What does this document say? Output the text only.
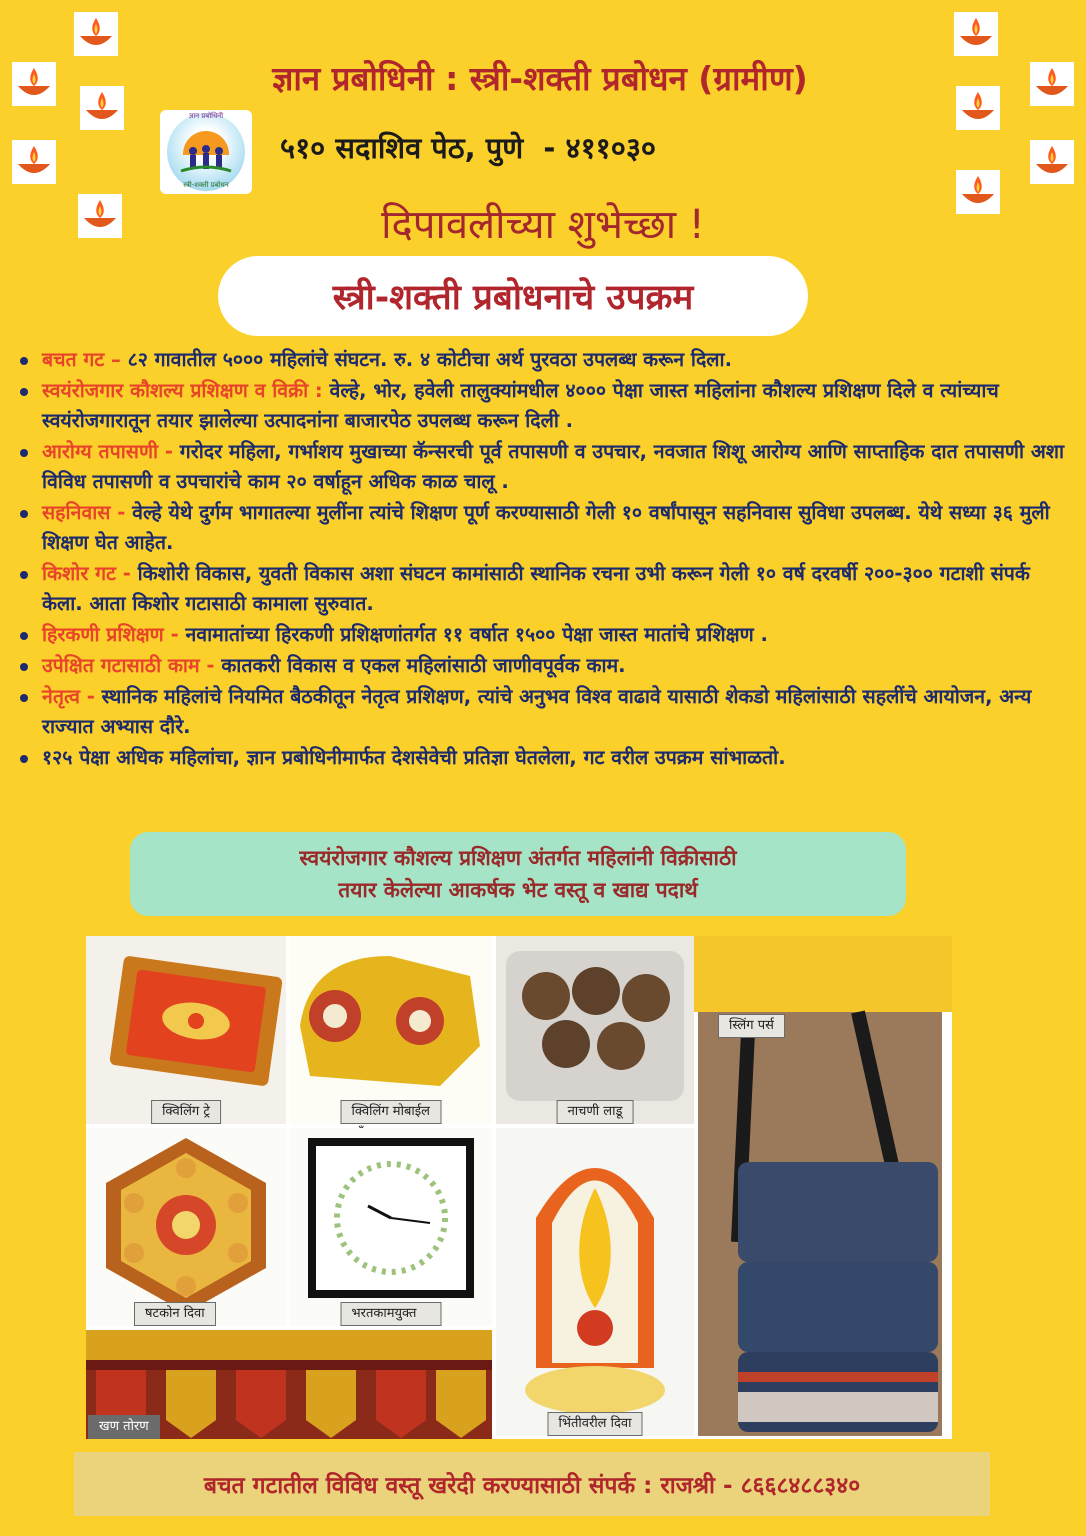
ज्ञान प्रबोधिनी : स्त्री-शक्ती प्रबोधन (ग्रामीण)
ज्ञान प्रबोधिनी
स्त्री-शक्ती प्रबोधन
५१० सदाशिव पेठ, पुणे  - ४११०३०
दिपावलीच्या शुभेच्छा !
स्त्री-शक्ती प्रबोधनाचे उपक्रम
बचत गट – ८२ गावातील ५००० महिलांचे संघटन. रु. ४ कोटीचा अर्थ पुरवठा उपलब्ध करून दिला.
स्वयंरोजगार कौशल्य प्रशिक्षण व विक्री : वेल्हे, भोर, हवेली तालुक्यांमधील ४००० पेक्षा जास्त महिलांना कौशल्य प्रशिक्षण दिले व त्यांच्याच स्वयंरोजगारातून तयार झालेल्या उत्पादनांना बाजारपेठ उपलब्ध करून दिली .
आरोग्य तपासणी - गरोदर महिला, गर्भाशय मुखाच्या कॅन्सरची पूर्व तपासणी व उपचार, नवजात शिशू आरोग्य आणि साप्ताहिक दात तपासणी अशा विविध तपासणी व उपचारांचे काम २० वर्षाहून अधिक काळ चालू .
सहनिवास - वेल्हे येथे दुर्गम भागातल्या मुलींना त्यांचे शिक्षण पूर्ण करण्यासाठी गेली १० वर्षांपासून सहनिवास सुविधा उपलब्ध. येथे सध्या ३६ मुली शिक्षण घेत आहेत.
किशोर गट - किशोरी विकास, युवती विकास अशा संघटन कामांसाठी स्थानिक रचना उभी करून गेली १० वर्ष दरवर्षी २००-३०० गटाशी संपर्क केला. आता किशोर गटासाठी कामाला सुरुवात.
हिरकणी प्रशिक्षण - नवामातांच्या हिरकणी प्रशिक्षणांतर्गत ११ वर्षात १५०० पेक्षा जास्त मातांचे प्रशिक्षण .
उपेक्षित गटासाठी काम - कातकरी विकास व एकल महिलांसाठी जाणीवपूर्वक काम.
नेतृत्व - स्थानिक महिलांचे नियमित बैठकीतून नेतृत्व प्रशिक्षण, त्यांचे अनुभव विश्व वाढावे यासाठी शेकडो महिलांसाठी सहलींचे आयोजन, अन्य राज्यात अभ्यास दौरे.
१२५ पेक्षा अधिक महिलांचा, ज्ञान प्रबोधिनीमार्फत देशसेवेची प्रतिज्ञा घेतलेला, गट वरील उपक्रम सांभाळतो.
स्वयंरोजगार कौशल्य प्रशिक्षण अंतर्गत महिलांनी विक्रीसाठी
तयार केलेल्या आकर्षक भेट वस्तू व खाद्य पदार्थ
क्विलिंग ट्रे	क्विलिंग मोबाईल	नाचणी लाडू
स्लिंग पर्स
षटकोन दिवा	भरतकामयुक्त
भिंतीवरील दिवा
खण तोरण
बचत गटातील विविध वस्तू खरेदी करण्यासाठी संपर्क : राजश्री - ८६६८४८८३४०
